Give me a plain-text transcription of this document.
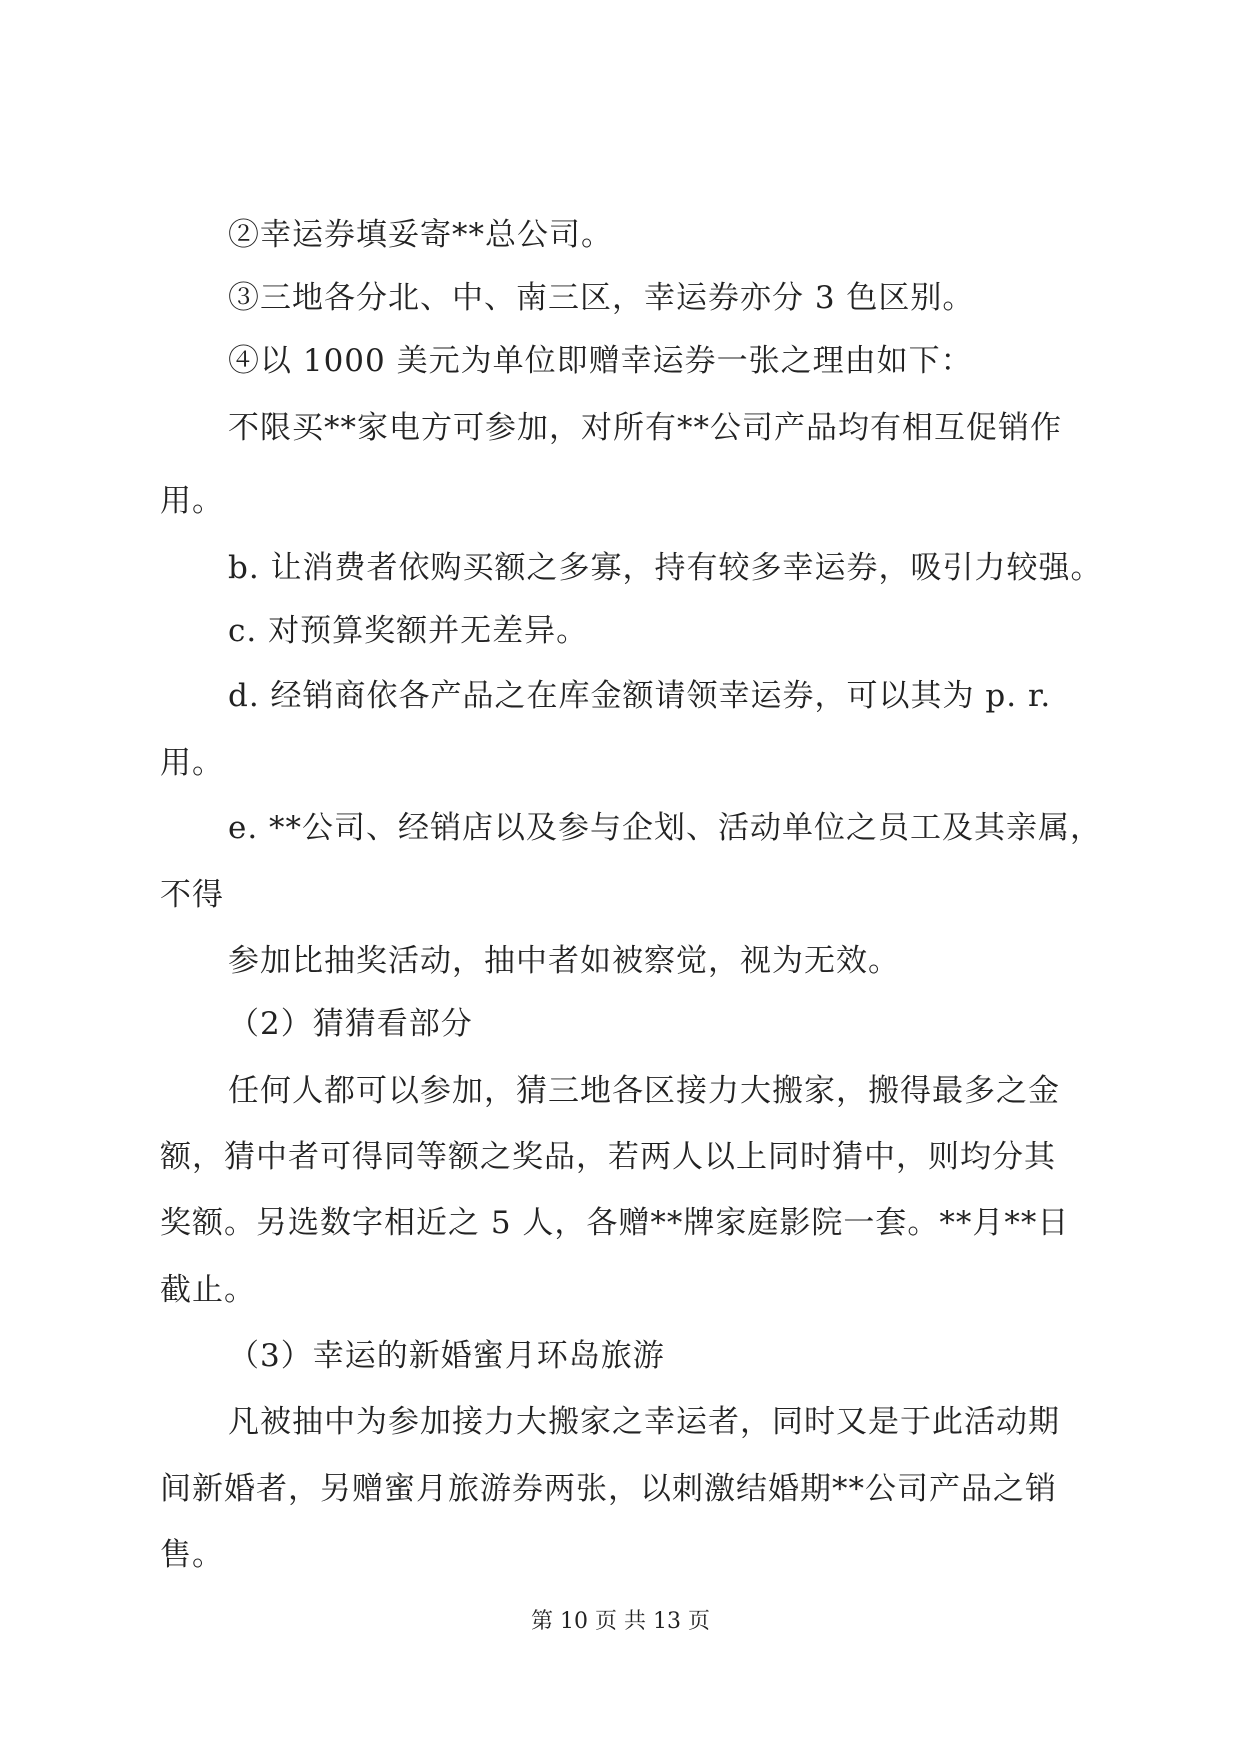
②幸运券填妥寄**总公司。
③三地各分北、中、南三区，幸运券亦分 3 色区别。
④以 1000 美元为单位即赠幸运券一张之理由如下：
不限买**家电方可参加，对所有**公司产品均有相互促销作
用。
b. 让消费者依购买额之多寡，持有较多幸运券，吸引力较强。
c. 对预算奖额并无差异。
d. 经销商依各产品之在库金额请领幸运券，可以其为 p. r.
用。
e. **公司、经销店以及参与企划、活动单位之员工及其亲属，
不得
参加比抽奖活动，抽中者如被察觉，视为无效。
（2）猜猜看部分
任何人都可以参加，猜三地各区接力大搬家，搬得最多之金
额，猜中者可得同等额之奖品，若两人以上同时猜中，则均分其
奖额。另选数字相近之 5 人，各赠**牌家庭影院一套。**月**日
截止。
（3）幸运的新婚蜜月环岛旅游
凡被抽中为参加接力大搬家之幸运者，同时又是于此活动期
间新婚者，另赠蜜月旅游券两张，以刺激结婚期**公司产品之销
售。
第 10 页 共 13 页
